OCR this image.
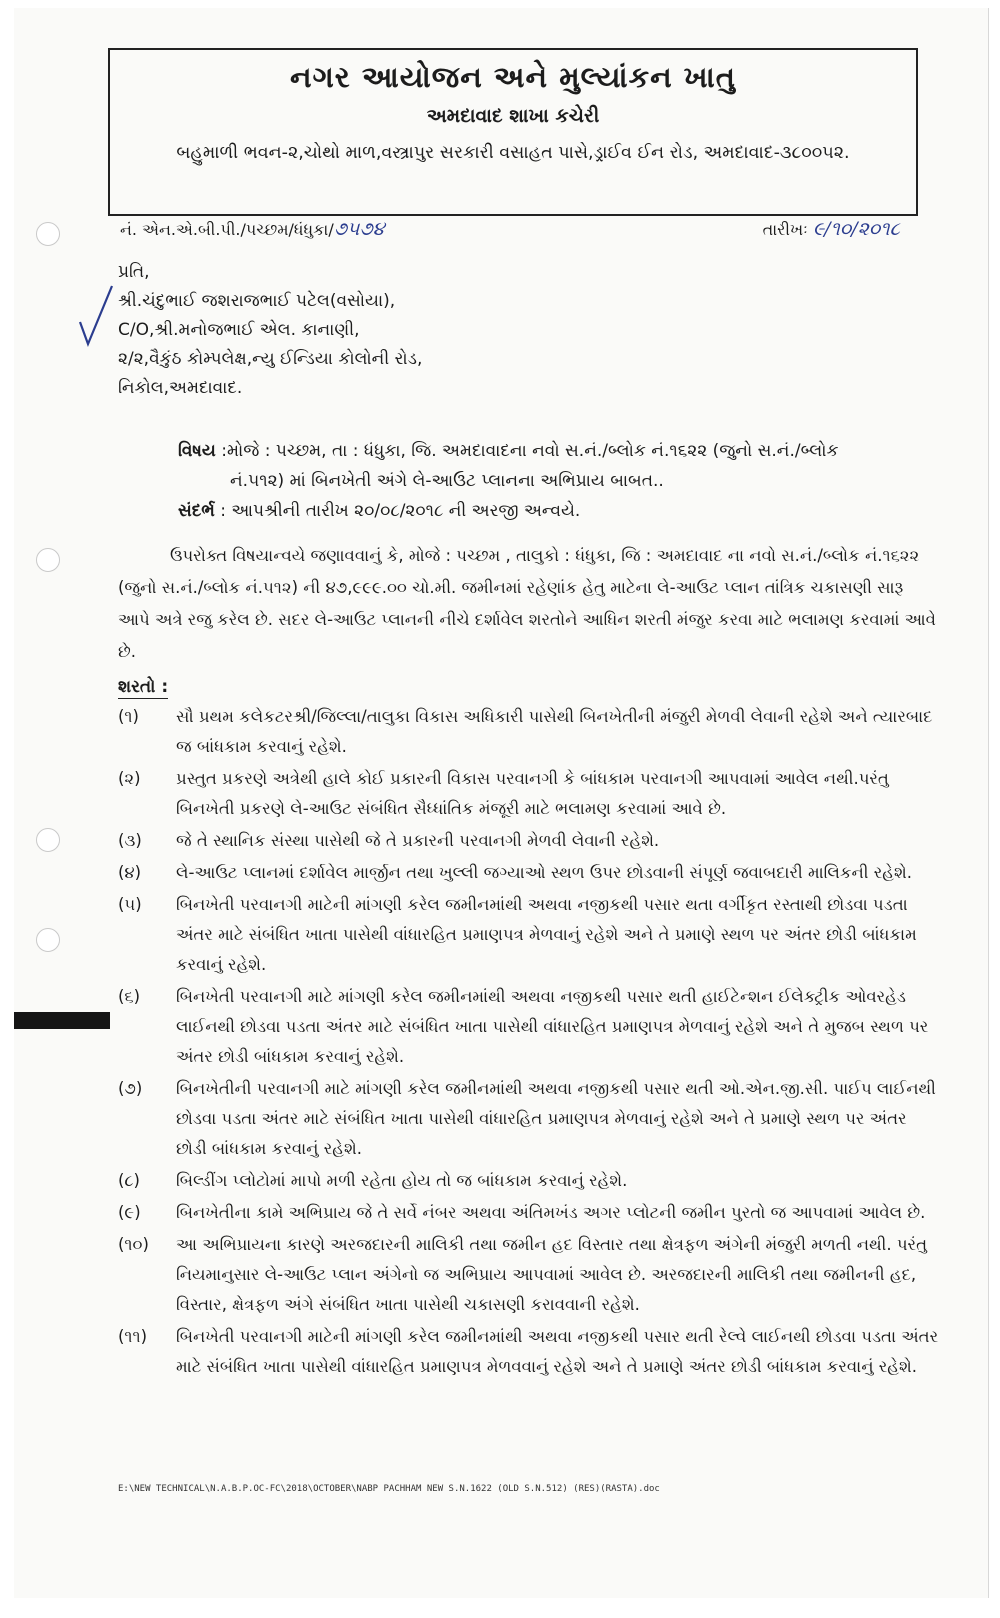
નગર આયોજન અને મુલ્યાંકન ખાતુ
અમદાવાદ શાખા કચેરી
બહુમાળી ભવન-૨,ચોથો માળ,વસ્ત્રાપુર સરકારી વસાહત પાસે,ડ્રાઈવ ઈન રોડ, અમદાવાદ-૩૮૦૦૫૨.
નં. એન.એ.બી.પી./પચ્છમ/ધંધુકા/૭૫૭૪	તારીખઃ ૯/૧૦/૨૦૧૮
પ્રતિ,
શ્રી.ચંદુભાઈ જશરાજભાઈ પટેલ(વસોયા),
C/O,શ્રી.મનોજભાઈ એલ. કાનાણી,
૨/૨,વૈકુંઠ કોમ્પલેક્ષ,ન્યુ ઈન્ડિયા કોલોની રોડ,
નિકોલ,અમદાવાદ.
વિષય :મોજે : પચ્છમ, તા : ધંધુકા, જિ. અમદાવાદના નવો સ.નં./બ્લોક નં.૧૬૨૨ (જુનો સ.નં./બ્લોક
નં.૫૧૨) માં બિનખેતી અંગે લે-આઉટ પ્લાનના અભિપ્રાય બાબત..
સંદર્ભ : આપશ્રીની તારીખ ૨૦/૦૮/૨૦૧૮ ની અરજી અન્વયે.
ઉપરોક્ત વિષયાન્વયે જણાવવાનું કે, મોજે : પચ્છમ , તાલુકો : ધંધુકા, જિ : અમદાવાદ ના નવો સ.નં./બ્લોક નં.૧૬૨૨ (જુનો સ.નં./બ્લોક નં.૫૧૨) ની ૪૭,૯૯૯.૦૦ ચો.મી. જમીનમાં રહેણાંક હેતુ માટેના લે-આઉટ પ્લાન તાંત્રિક ચકાસણી સારૂ આપે અત્રે રજુ કરેલ છે. સદર લે-આઉટ પ્લાનની નીચે દર્શાવેલ શરતોને આધિન શરતી મંજુર કરવા માટે ભલામણ કરવામાં આવે છે.
શરતો :
(૧) સૌ પ્રથમ કલેકટરશ્રી/જિલ્લા/તાલુકા વિકાસ અધિકારી પાસેથી બિનખેતીની મંજુરી મેળવી લેવાની રહેશે અને ત્યારબાદ જ બાંધકામ કરવાનું રહેશે.
(૨) પ્રસ્તુત પ્રકરણે અત્રેથી હાલે કોઈ પ્રકારની વિકાસ પરવાનગી કે બાંધકામ પરવાનગી આપવામાં આવેલ નથી.પરંતુ બિનખેતી પ્રકરણે લે-આઉટ સંબંધિત સૈધ્ધાંતિક મંજૂરી માટે ભલામણ કરવામાં આવે છે.
(૩) જે તે સ્થાનિક સંસ્થા પાસેથી જે તે પ્રકારની પરવાનગી મેળવી લેવાની રહેશે.
(૪) લે-આઉટ પ્લાનમાં દર્શાવેલ માર્જીન તથા ખુલ્લી જગ્યાઓ સ્થળ ઉપર છોડવાની સંપૂર્ણ જવાબદારી માલિકની રહેશે.
(૫) બિનખેતી પરવાનગી માટેની માંગણી કરેલ જમીનમાંથી અથવા નજીકથી પસાર થતા વર્ગીકૃત રસ્તાથી છોડવા પડતા અંતર માટે સંબંધિત ખાતા પાસેથી વાંધારહિત પ્રમાણપત્ર મેળવાનું રહેશે અને તે પ્રમાણે સ્થળ પર અંતર છોડી બાંધકામ કરવાનું રહેશે.
(૬) બિનખેતી પરવાનગી માટે માંગણી કરેલ જમીનમાંથી અથવા નજીકથી પસાર થતી હાઈટેન્શન ઈલેક્ટ્રીક ઓવરહેડ લાઈનથી છોડવા પડતા અંતર માટે સંબંધિત ખાતા પાસેથી વાંધારહિત પ્રમાણપત્ર મેળવાનું રહેશે અને તે મુજબ સ્થળ પર અંતર છોડી બાંધકામ કરવાનું રહેશે.
(૭) બિનખેતીની પરવાનગી માટે માંગણી કરેલ જમીનમાંથી અથવા નજીકથી પસાર થતી ઓ.એન.જી.સી. પાઈપ લાઈનથી છોડવા પડતા અંતર માટે સંબંધિત ખાતા પાસેથી વાંધારહિત પ્રમાણપત્ર મેળવાનું રહેશે અને તે પ્રમાણે સ્થળ પર અંતર છોડી બાંધકામ કરવાનું રહેશે.
(૮) બિલ્ડીંગ પ્લોટોમાં માપો મળી રહેતા હોય તો જ બાંધકામ કરવાનું રહેશે.
(૯) બિનખેતીના કામે અભિપ્રાય જે તે સર્વે નંબર અથવા અંતિમખંડ અગર પ્લોટની જમીન પુરતો જ આપવામાં આવેલ છે.
(૧૦) આ અભિપ્રાયના કારણે અરજદારની માલિકી તથા જમીન હદ વિસ્તાર તથા ક્ષેત્રફળ અંગેની મંજુરી મળતી નથી. પરંતુ નિયમાનુસાર લે-આઉટ પ્લાન અંગેનો જ અભિપ્રાય આપવામાં આવેલ છે. અરજદારની માલિકી તથા જમીનની હદ, વિસ્તાર, ક્ષેત્રફળ અંગે સંબંધિત ખાતા પાસેથી ચકાસણી કરાવવાની રહેશે.
(૧૧) બિનખેતી પરવાનગી માટેની માંગણી કરેલ જમીનમાંથી અથવા નજીકથી પસાર થતી રેલ્વે લાઈનથી છોડવા પડતા અંતર માટે સંબંધિત ખાતા પાસેથી વાંધારહિત પ્રમાણપત્ર મેળવવાનું રહેશે અને તે પ્રમાણે અંતર છોડી બાંધકામ કરવાનું રહેશે.
E:\NEW TECHNICAL\N.A.B.P.OC-FC\2018\OCTOBER\NABP PACHHAM NEW S.N.1622 (OLD S.N.512) (RES)(RASTA).doc
